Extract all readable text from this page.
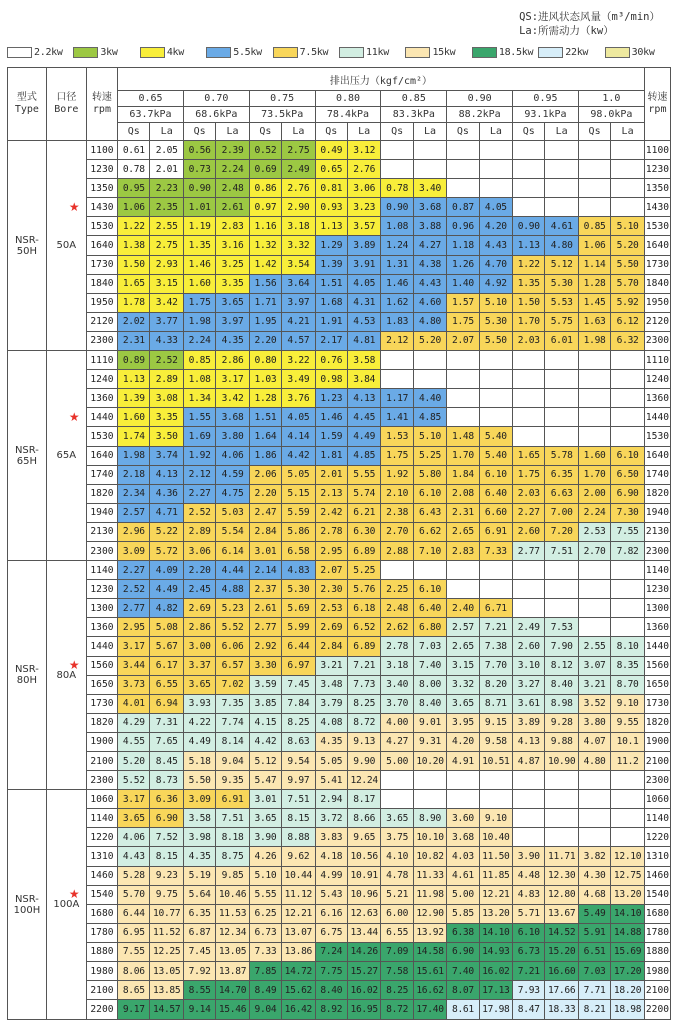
QS:进风状态风量（m³/min）
La:所需动力（kw）
2.2kw	3kw	4kw	5.5kw	7.5kw	11kw	15kw	18.5kw	22kw	30kw
型式
Type	口径
Bore	转速
rpm	排出压力（kgf/cm²）																转速
rpm

			0.65		0.70		0.75		0.80		0.85		0.90		0.95		1.0		
			63.7kPa		68.6kPa		73.5kPa		78.4kPa		83.3kPa		88.2kPa		93.1kPa		98.0kPa		
			Qs	La	Qs	La	Qs	La	Qs	La	Qs	La	Qs	La	Qs	La	Qs	La	

NSR-
50H	★
50A	1100	0.61	2.05	0.56	2.39	0.52	2.75	0.49	3.12									1100
		1230	0.78	2.01	0.73	2.24	0.69	2.49	0.65	2.76									1230
		1350	0.95	2.23	0.90	2.48	0.86	2.76	0.81	3.06	0.78	3.40							1350
		1430	1.06	2.35	1.01	2.61	0.97	2.90	0.93	3.23	0.90	3.68	0.87	4.05					1430
		1530	1.22	2.55	1.19	2.83	1.16	3.18	1.13	3.57	1.08	3.88	0.96	4.20	0.90	4.61	0.85	5.10	1530
		1640	1.38	2.75	1.35	3.16	1.32	3.32	1.29	3.89	1.24	4.27	1.18	4.43	1.13	4.80	1.06	5.20	1640
		1730	1.50	2.93	1.46	3.25	1.42	3.54	1.39	3.91	1.31	4.38	1.26	4.70	1.22	5.12	1.14	5.50	1730
		1840	1.65	3.15	1.60	3.35	1.56	3.64	1.51	4.05	1.46	4.43	1.40	4.92	1.35	5.30	1.28	5.70	1840
		1950	1.78	3.42	1.75	3.65	1.71	3.97	1.68	4.31	1.62	4.60	1.57	5.10	1.50	5.53	1.45	5.92	1950
		2120	2.02	3.77	1.98	3.97	1.95	4.21	1.91	4.53	1.83	4.80	1.75	5.30	1.70	5.75	1.63	6.12	2120
		2300	2.31	4.33	2.24	4.35	2.20	4.57	2.17	4.81	2.12	5.20	2.07	5.50	2.03	6.01	1.98	6.32	2300

NSR-
65H	★
65A	1110	0.89	2.52	0.85	2.86	0.80	3.22	0.76	3.58									1110
		1240	1.13	2.89	1.08	3.17	1.03	3.49	0.98	3.84									1240
		1360	1.39	3.08	1.34	3.42	1.28	3.76	1.23	4.13	1.17	4.40							1360
		1440	1.60	3.35	1.55	3.68	1.51	4.05	1.46	4.45	1.41	4.85							1440
		1530	1.74	3.50	1.69	3.80	1.64	4.14	1.59	4.49	1.53	5.10	1.48	5.40					1530
		1640	1.98	3.74	1.92	4.06	1.86	4.42	1.81	4.85	1.75	5.25	1.70	5.40	1.65	5.78	1.60	6.10	1640
		1740	2.18	4.13	2.12	4.59	2.06	5.05	2.01	5.55	1.92	5.80	1.84	6.10	1.75	6.35	1.70	6.50	1740
		1820	2.34	4.36	2.27	4.75	2.20	5.15	2.13	5.74	2.10	6.10	2.08	6.40	2.03	6.63	2.00	6.90	1820
		1940	2.57	4.71	2.52	5.03	2.47	5.59	2.42	6.21	2.38	6.43	2.31	6.60	2.27	7.00	2.24	7.30	1940
		2130	2.96	5.22	2.89	5.54	2.84	5.86	2.78	6.30	2.70	6.62	2.65	6.91	2.60	7.20	2.53	7.55	2130
		2300	3.09	5.72	3.06	6.14	3.01	6.58	2.95	6.89	2.88	7.10	2.83	7.33	2.77	7.51	2.70	7.82	2300

NSR-
80H	★
80A	1140	2.27	4.09	2.20	4.44	2.14	4.83	2.07	5.25									1140
		1230	2.52	4.49	2.45	4.88	2.37	5.30	2.30	5.76	2.25	6.10							1230
		1300	2.77	4.82	2.69	5.23	2.61	5.69	2.53	6.18	2.48	6.40	2.40	6.71					1300
		1360	2.95	5.08	2.86	5.52	2.77	5.99	2.69	6.52	2.62	6.80	2.57	7.21	2.49	7.53			1360
		1440	3.17	5.67	3.00	6.06	2.92	6.44	2.84	6.89	2.78	7.03	2.65	7.38	2.60	7.90	2.55	8.10	1440
		1560	3.44	6.17	3.37	6.57	3.30	6.97	3.21	7.21	3.18	7.40	3.15	7.70	3.10	8.12	3.07	8.35	1560
		1650	3.73	6.55	3.65	7.02	3.59	7.45	3.48	7.73	3.40	8.00	3.32	8.20	3.27	8.40	3.21	8.70	1650
		1730	4.01	6.94	3.93	7.35	3.85	7.84	3.79	8.25	3.70	8.40	3.65	8.71	3.61	8.98	3.52	9.10	1730
		1820	4.29	7.31	4.22	7.74	4.15	8.25	4.08	8.72	4.00	9.01	3.95	9.15	3.89	9.28	3.80	9.55	1820
		1900	4.55	7.65	4.49	8.14	4.42	8.63	4.35	9.13	4.27	9.31	4.20	9.58	4.13	9.88	4.07	10.1	1900
		2100	5.20	8.45	5.18	9.04	5.12	9.54	5.05	9.90	5.00	10.20	4.91	10.51	4.87	10.90	4.80	11.2	2100
		2300	5.52	8.73	5.50	9.35	5.47	9.97	5.41	12.24									2300

NSR-
100H	★
100A	1060	3.17	6.36	3.09	6.91	3.01	7.51	2.94	8.17									1060
		1140	3.65	6.90	3.58	7.51	3.65	8.15	3.72	8.66	3.65	8.90	3.60	9.10					1140
		1220	4.06	7.52	3.98	8.18	3.90	8.88	3.83	9.65	3.75	10.10	3.68	10.40					1220
		1310	4.43	8.15	4.35	8.75	4.26	9.62	4.18	10.56	4.10	10.82	4.03	11.50	3.90	11.71	3.82	12.10	1310
		1460	5.28	9.23	5.19	9.85	5.10	10.44	4.99	10.91	4.78	11.33	4.61	11.85	4.48	12.30	4.30	12.75	1460
		1540	5.70	9.75	5.64	10.46	5.55	11.12	5.43	10.96	5.21	11.98	5.00	12.21	4.83	12.80	4.68	13.20	1540
		1680	6.44	10.77	6.35	11.53	6.25	12.21	6.16	12.63	6.00	12.90	5.85	13.20	5.71	13.67	5.49	14.10	1680
		1780	6.95	11.52	6.87	12.34	6.73	13.07	6.75	13.44	6.55	13.92	6.38	14.10	6.10	14.52	5.91	14.88	1780
		1880	7.55	12.25	7.45	13.05	7.33	13.86	7.24	14.26	7.09	14.58	6.90	14.93	6.73	15.20	6.51	15.69	1880
		1980	8.06	13.05	7.92	13.87	7.85	14.72	7.75	15.27	7.58	15.61	7.40	16.02	7.21	16.60	7.03	17.20	1980
		2100	8.65	13.85	8.55	14.70	8.49	15.62	8.40	16.02	8.25	16.62	8.07	17.13	7.93	17.66	7.71	18.20	2100
		2200	9.17	14.57	9.14	15.46	9.04	16.42	8.92	16.95	8.72	17.40	8.61	17.98	8.47	18.33	8.21	18.98	2200
